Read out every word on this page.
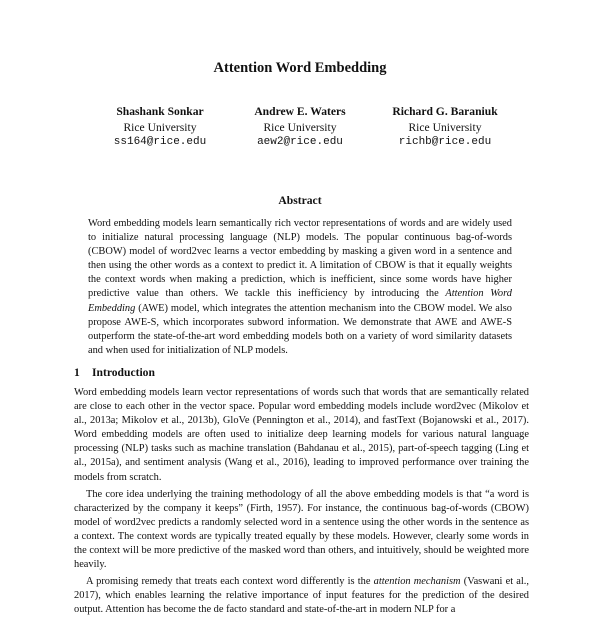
Attention Word Embedding
Shashank Sonkar
Rice University
ss164@rice.edu
Andrew E. Waters
Rice University
aew2@rice.edu
Richard G. Baraniuk
Rice University
richb@rice.edu
Abstract

Word embedding models learn semantically rich vector representations of words and are widely used to initialize natural processing language (NLP) models. The popular continuous bag-of-words (CBOW) model of word2vec learns a vector embedding by masking a given word in a sentence and then using the other words as a context to predict it. A limitation of CBOW is that it equally weights the context words when making a prediction, which is inefficient, since some words have higher predictive value than others. We tackle this inefficiency by introducing the Attention Word Embedding (AWE) model, which integrates the attention mechanism into the CBOW model. We also propose AWE-S, which incorporates subword information. We demonstrate that AWE and AWE-S outperform the state-of-the-art word embedding models both on a variety of word similarity datasets and when used for initialization of NLP models.

1 Introduction

Word embedding models learn vector representations of words such that words that are semantically related are close to each other in the vector space. Popular word embedding models include word2vec (Mikolov et al., 2013a; Mikolov et al., 2013b), GloVe (Pennington et al., 2014), and fastText (Bojanowski et al., 2017). Word embedding models are often used to initialize deep learning models for various natural language processing (NLP) tasks such as machine translation (Bahdanau et al., 2015), part-of-speech tagging (Ling et al., 2015a), and sentiment analysis (Wang et al., 2016), leading to improved performance over training the models from scratch.

The core idea underlying the training methodology of all the above embedding models is that “a word is characterized by the company it keeps” (Firth, 1957). For instance, the continuous bag-of-words (CBOW) model of word2vec predicts a randomly selected word in a sentence using the other words in the sentence as a context. The context words are typically treated equally by these models. However, clearly some words in the context will be more predictive of the masked word than others, and intuitively, should be weighted more heavily.

A promising remedy that treats each context word differently is the attention mechanism (Vaswani et al., 2017), which enables learning the relative importance of input features for the prediction of the desired output. Attention has become the de facto standard and state-of-the-art in modern NLP for a
